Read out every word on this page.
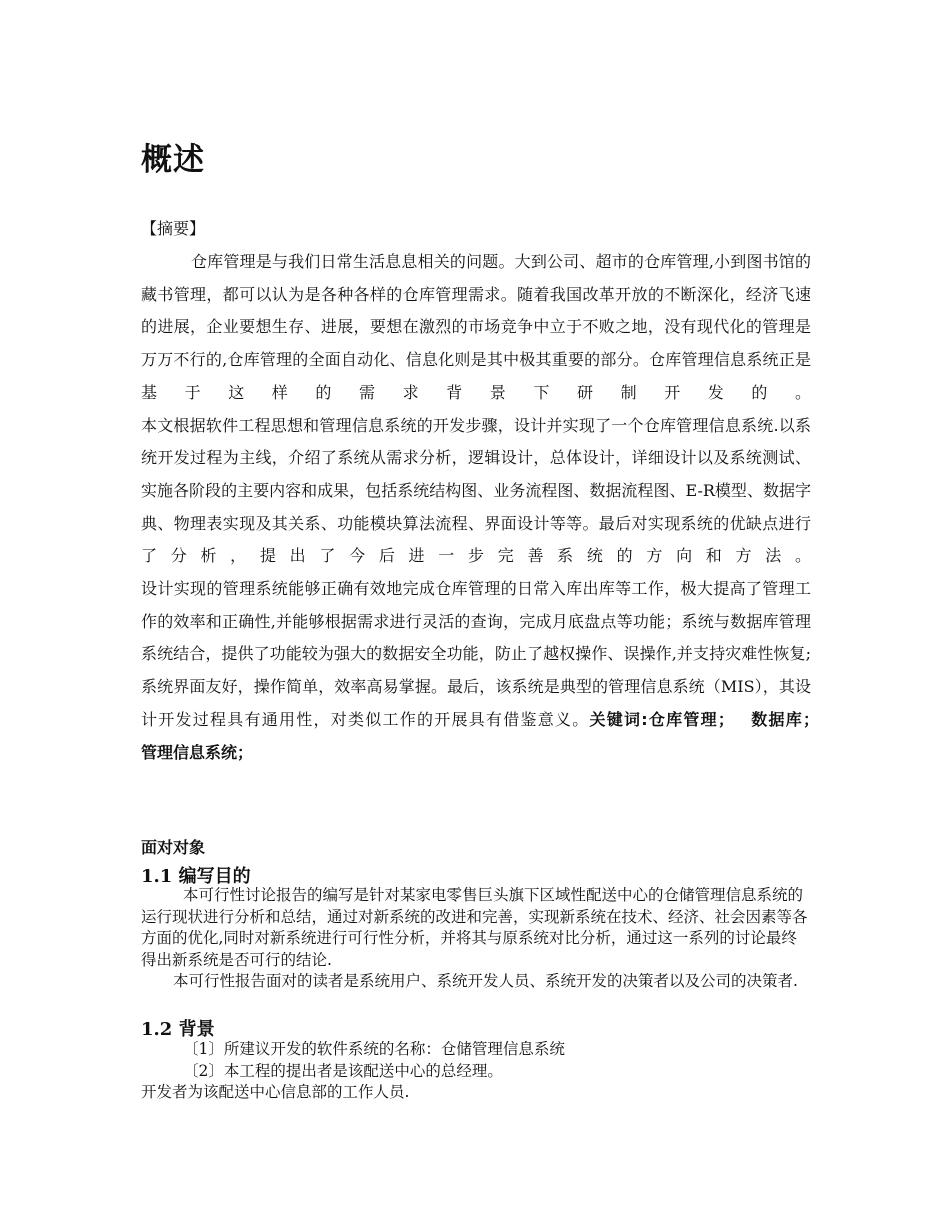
概述
【摘要】

仓库管理是与我们日常生活息息相关的问题。大到公司、超市的仓库管理,小到图书馆的藏书管理，都可以认为是各种各样的仓库管理需求。随着我国改革开放的不断深化，经济飞速的进展，企业要想生存、进展，要想在激烈的市场竞争中立于不败之地，没有现代化的管理是万万不行的,仓库管理的全面自动化、信息化则是其中极其重要的部分。仓库管理信息系统正是基于这样的需求背景下研制开发的。

本文根据软件工程思想和管理信息系统的开发步骤，设计并实现了一个仓库管理信息系统.以系统开发过程为主线，介绍了系统从需求分析，逻辑设计，总体设计，详细设计以及系统测试、实施各阶段的主要内容和成果，包括系统结构图、业务流程图、数据流程图、E-R模型、数据字典、物理表实现及其关系、功能模块算法流程、界面设计等等。最后对实现系统的优缺点进行了分析，提出了今后进一步完善系统的方向和方法。

设计实现的管理系统能够正确有效地完成仓库管理的日常入库出库等工作，极大提高了管理工作的效率和正确性,并能够根据需求进行灵活的查询，完成月底盘点等功能；系统与数据库管理系统结合，提供了功能较为强大的数据安全功能，防止了越权操作、误操作,并支持灾难性恢复;系统界面友好，操作简单，效率高易掌握。最后，该系统是典型的管理信息系统（MIS），其设计开发过程具有通用性，对类似工作的开展具有借鉴意义。关键词:仓库管理；　 数据库；　　 管理信息系统；

面对对象
1.1 编写目的

本可行性讨论报告的编写是针对某家电零售巨头旗下区域性配送中心的仓储管理信息系统的运行现状进行分析和总结，通过对新系统的改进和完善，实现新系统在技术、经济、社会因素等各方面的优化,同时对新系统进行可行性分析，并将其与原系统对比分析，通过这一系列的讨论最终得出新系统是否可行的结论.

本可行性报告面对的读者是系统用户、系统开发人员、系统开发的决策者以及公司的决策者.

1.2 背景

〔1〕所建议开发的软件系统的名称：仓储管理信息系统

〔2〕本工程的提出者是该配送中心的总经理。

开发者为该配送中心信息部的工作人员.
